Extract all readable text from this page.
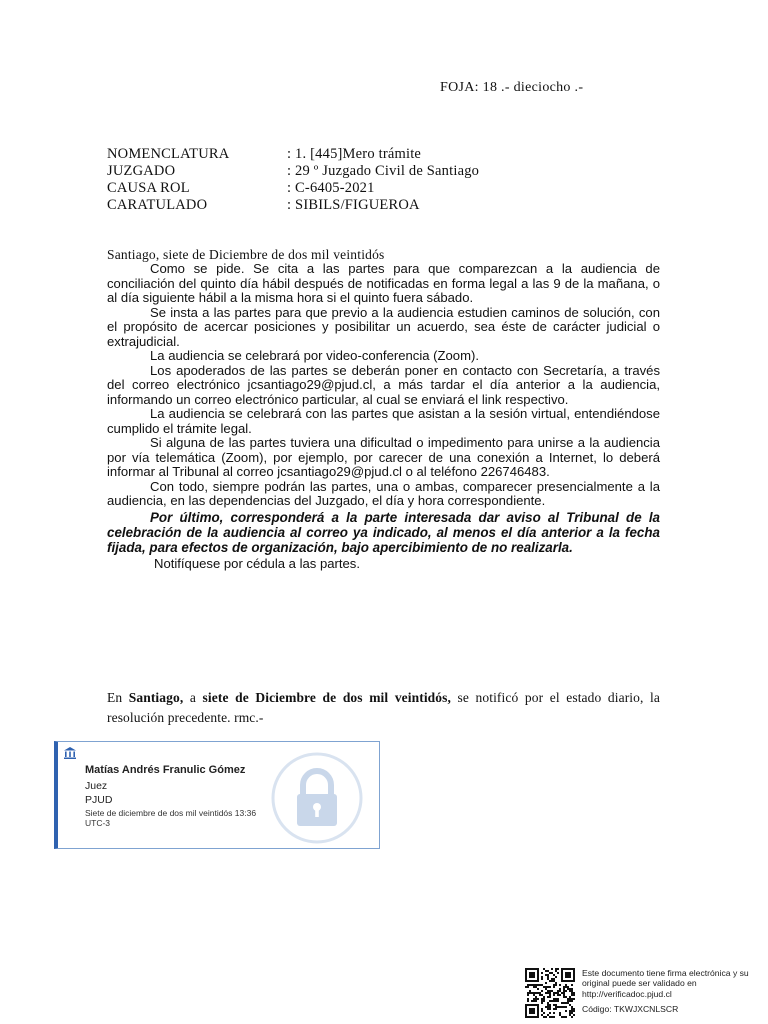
FOJA: 18 .- dieciocho .-
NOMENCLATURA	: 1. [445]Mero trámite
JUZGADO	: 29 º Juzgado Civil de Santiago
CAUSA ROL	: C-6405-2021
CARATULADO	: SIBILS/FIGUEROA
Santiago, siete de Diciembre de dos mil veintidós

Como se pide. Se cita a las partes para que comparezcan a la audiencia de conciliación del quinto día hábil después de notificadas en forma legal a las 9 de la mañana, o al día siguiente hábil a la misma hora si el quinto fuera sábado.

Se insta a las partes para que previo a la audiencia estudien caminos de solución, con el propósito de acercar posiciones y posibilitar un acuerdo, sea éste de carácter judicial o extrajudicial.

La audiencia se celebrará por video-conferencia (Zoom).

Los apoderados de las partes se deberán poner en contacto con Secretaría, a través del correo electrónico jcsantiago29@pjud.cl, a más tardar el día anterior a la audiencia, informando un correo electrónico particular, al cual se enviará el link respectivo.

La audiencia se celebrará con las partes que asistan a la sesión virtual, entendiéndose cumplido el trámite legal.

Si alguna de las partes tuviera una dificultad o impedimento para unirse a la audiencia por vía telemática (Zoom), por ejemplo, por carecer de una conexión a Internet, lo deberá informar al Tribunal al correo jcsantiago29@pjud.cl o al teléfono 226746483.

Con todo, siempre podrán las partes, una o ambas, comparecer presencialmente a la audiencia, en las dependencias del Juzgado, el día y hora correspondiente.

Por último, corresponderá a la parte interesada dar aviso al Tribunal de la celebración de la audiencia al correo ya indicado, al menos el día anterior a la fecha fijada, para efectos de organización, bajo apercibimiento de no realizarla.

Notifíquese por cédula a las partes.

En Santiago, a siete de Diciembre de dos mil veintidós, se notificó por el estado diario, la resolución precedente. rmc.-
Matías Andrés Franulic Gómez
Juez
PJUD
Siete de diciembre de dos mil veintidós 13:36 UTC-3
Este documento tiene firma electrónica y su original puede ser validado en http://verificadoc.pjud.cl
Código: TKWJXCNLSCR
